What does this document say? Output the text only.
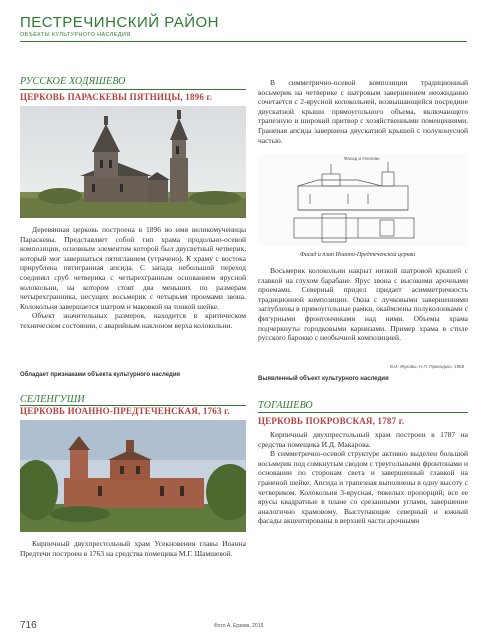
ПЕСТРЕЧИНСКИЙ РАЙОН
ОБЪЕКТЫ КУЛЬТУРНОГО НАСЛЕДИЯ
РУССКОЕ ХОДЯШЕВО
ЦЕРКОВЬ ПАРАСКЕВЫ ПЯТНИЦЫ, 1896 г.

Деревянная церковь построена в 1896 во имя великомученицы Параскевы. Представляет собой тип храма продольно-осевой композиции, основным элементом которой был двусветный четверик, который мог завершаться пятиглавием (утрачено). К храму с востока прирублена пятигранная апсида. С запада небольшой переход соединял сруб четверика с четырехгранным основанием ярусной колокольни, на котором стоят два меньших по размерам четырехгранника, несущих восьмерик с четырьмя проемами звона. Колокольня завершается шатром и маковкой на тонкой шейке.

Объект значительных размеров, находится в критическом техническом состоянии, с аварийным наклоном верха колокольни.

Обладает признаками объекта культурного наследия

В симметрично-осевой композиции традиционный восьмерик на четверике с шатровым завершением неожиданно сочетается с 2-ярусной колокольней, возвышающейся посредине двускатной крыши прямоугольного объема, включающего трапезную и широкий притвор с хозяйственными помещениями. Граненая апсида завершена двускатной крышей с полуконусной частью.

Фасад и Генплан
Фасад и план Иоанно-Предтеченской церкви

Восьмерик колокольни накрыт низкой шатровой крышей с главкой на глухом барабане. Ярус звона с высокими арочными проемами. Северный придел придает асимметричность традиционной композиции. Окна с лучковыми завершениями заглублены в прямоугольные рамки, окаймлены полуколонками с фигурными фронтончиками над ними. Объемы храма подчеркнуты городковыми карнизами. Пример храма в стиле русского барокко с необычной композицией.

В.И. Жуковы, Н.П. Приходько, 1959
Выявленный объект культурного наследия
СЕЛЕНГУШИ
ЦЕРКОВЬ ИОАННО-ПРЕДТЕЧЕНСКАЯ, 1763 г.

Кирпичный двухпрестольный храм Усекновения главы Иоанна Предтечи построен в 1763 на средства помещика М.Г. Шамшевой.

ТОГАШЕВО
ЦЕРКОВЬ ПОКРОВСКАЯ, 1787 г.

Кирпичный двухпрестольный храм построен в 1787 на средства помещика И.Д. Макарова.

В симметрично-осевой структуре активно выделен большой восьмерик под сомкнутым сводом с треугольными фронтонами и основании по сторонам света и завершенный главкой на граненой шейке. Апсида и трапезная выполнены в одну высоту с четвериком. Колокольня 3-ярусная, тяжелых пропорций; все ее ярусы квадратные в плане со срезанными углами, завершение аналогично храмовому. Выступающие северный и южный фасады акцентированы в верхней части арочными

716	Фото А. Ерзова, 2015
